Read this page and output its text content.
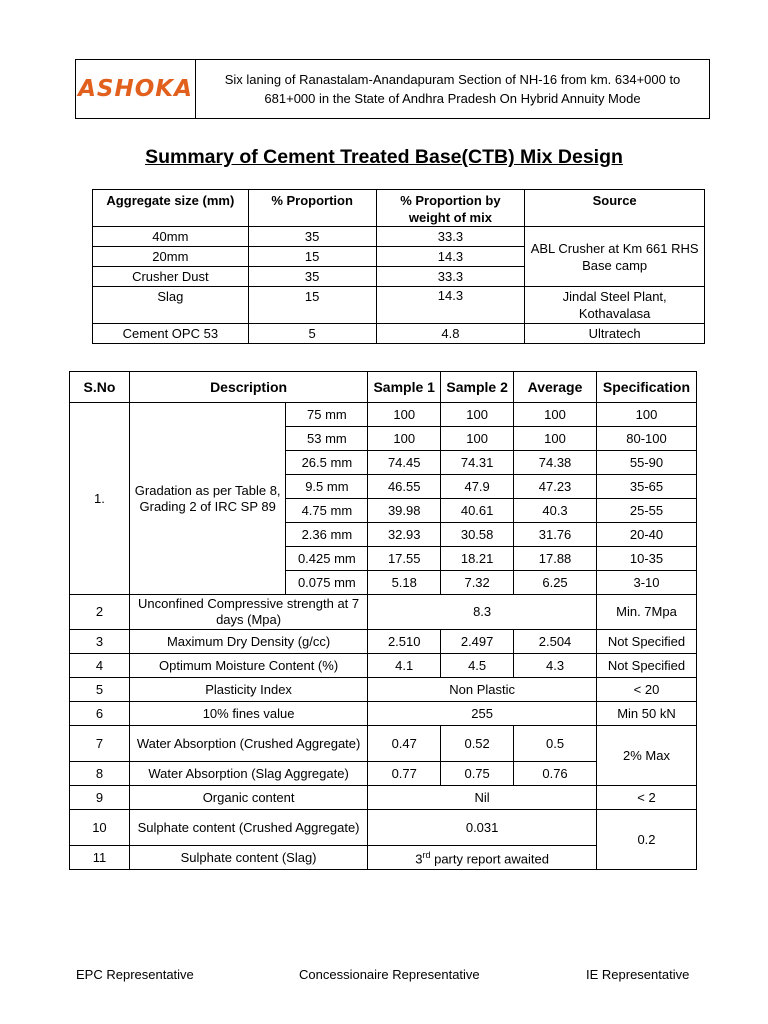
ASHOKA	Six laning of Ranastalam-Anandapuram Section of NH-16 from km. 634+000 to 681+000 in the State of Andhra Pradesh On Hybrid Annuity Mode
Summary of Cement Treated Base(CTB) Mix Design
Aggregate size (mm)	% Proportion	% Proportion by weight of mix	Source
40mm	35	33.3	ABL Crusher at Km 661 RHS Base camp
20mm	15	14.3	
Crusher Dust	35	33.3	
Slag	15	14.3	Jindal Steel Plant, Kothavalasa
Cement OPC 53	5	4.8	Ultratech
S.No	Description		Sample 1	Sample 2	Average	Specification
1.	Gradation as per Table 8, Grading 2 of IRC SP 89	75 mm	100	100	100	100
		53 mm	100	100	100	80-100
		26.5 mm	74.45	74.31	74.38	55-90
		9.5 mm	46.55	47.9	47.23	35-65
		4.75 mm	39.98	40.61	40.3	25-55
		2.36 mm	32.93	30.58	31.76	20-40
		0.425 mm	17.55	18.21	17.88	10-35
		0.075 mm	5.18	7.32	6.25	3-10
2	Unconfined Compressive strength at 7 days (Mpa)		8.3			Min. 7Mpa
3	Maximum Dry Density (g/cc)		2.510	2.497	2.504	Not Specified
4	Optimum Moisture Content (%)		4.1	4.5	4.3	Not Specified
5	Plasticity Index		Non Plastic			< 20
6	10% fines value		255			Min 50 kN
7	Water Absorption (Crushed Aggregate)		0.47	0.52	0.5	2% Max
8	Water Absorption (Slag Aggregate)		0.77	0.75	0.76	
9	Organic content		Nil			< 2
10	Sulphate content (Crushed Aggregate)		0.031			0.2
11	Sulphate content (Slag)		3rd party report awaited			
EPC Representative	Concessionaire Representative	IE Representative
